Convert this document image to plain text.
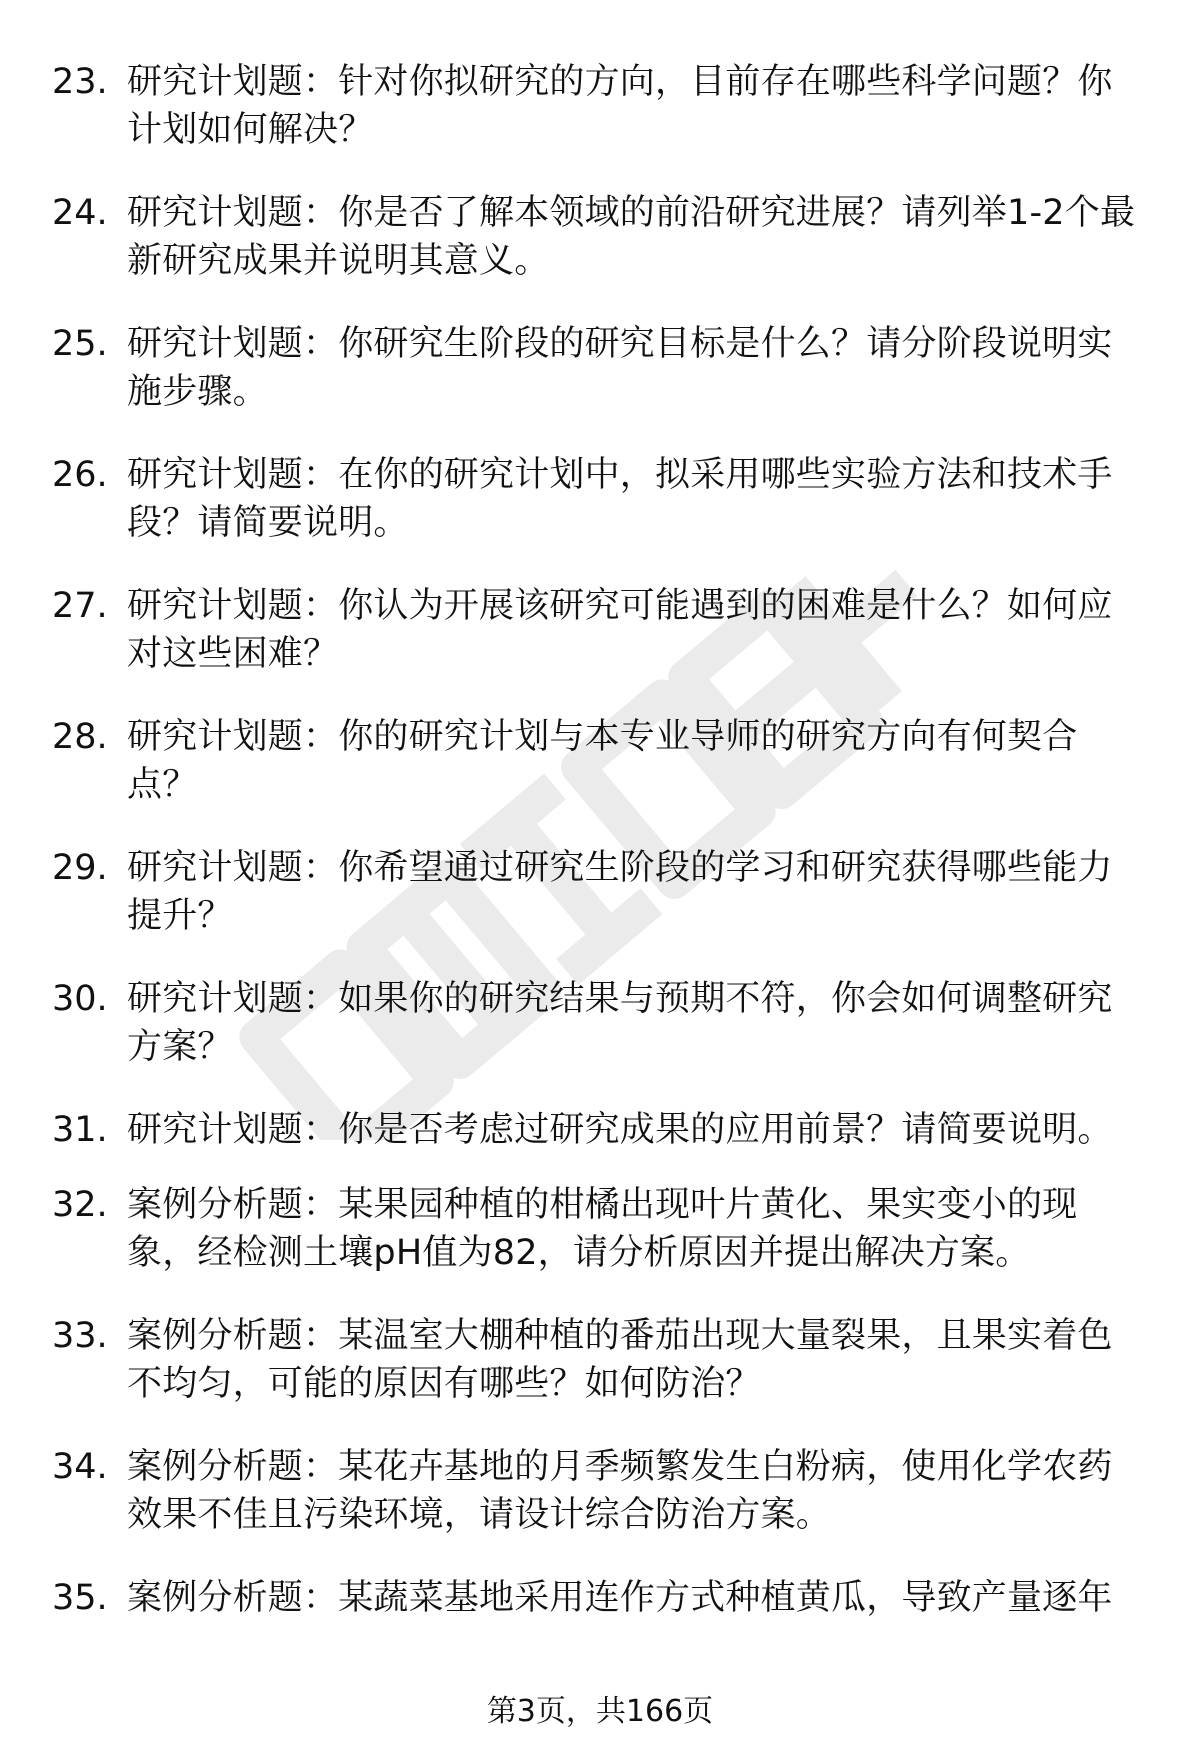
23. 研究计划题：针对你拟研究的方向，目前存在哪些科学问题？你计划如何解决？
24. 研究计划题：你是否了解本领域的前沿研究进展？请列举1-2个最新研究成果并说明其意义。
25. 研究计划题：你研究生阶段的研究目标是什么？请分阶段说明实施步骤。
26. 研究计划题：在你的研究计划中，拟采用哪些实验方法和技术手段？请简要说明。
27. 研究计划题：你认为开展该研究可能遇到的困难是什么？如何应对这些困难？
28. 研究计划题：你的研究计划与本专业导师的研究方向有何契合点？
29. 研究计划题：你希望通过研究生阶段的学习和研究获得哪些能力提升？
30. 研究计划题：如果你的研究结果与预期不符，你会如何调整研究方案？
31. 研究计划题：你是否考虑过研究成果的应用前景？请简要说明。
32. 案例分析题：某果园种植的柑橘出现叶片黄化、果实变小的现象，经检测土壤pH值为82，请分析原因并提出解决方案。
33. 案例分析题：某温室大棚种植的番茄出现大量裂果，且果实着色不均匀，可能的原因有哪些？如何防治？
34. 案例分析题：某花卉基地的月季频繁发生白粉病，使用化学农药效果不佳且污染环境，请设计综合防治方案。
35. 案例分析题：某蔬菜基地采用连作方式种植黄瓜，导致产量逐年
第3页，共166页
